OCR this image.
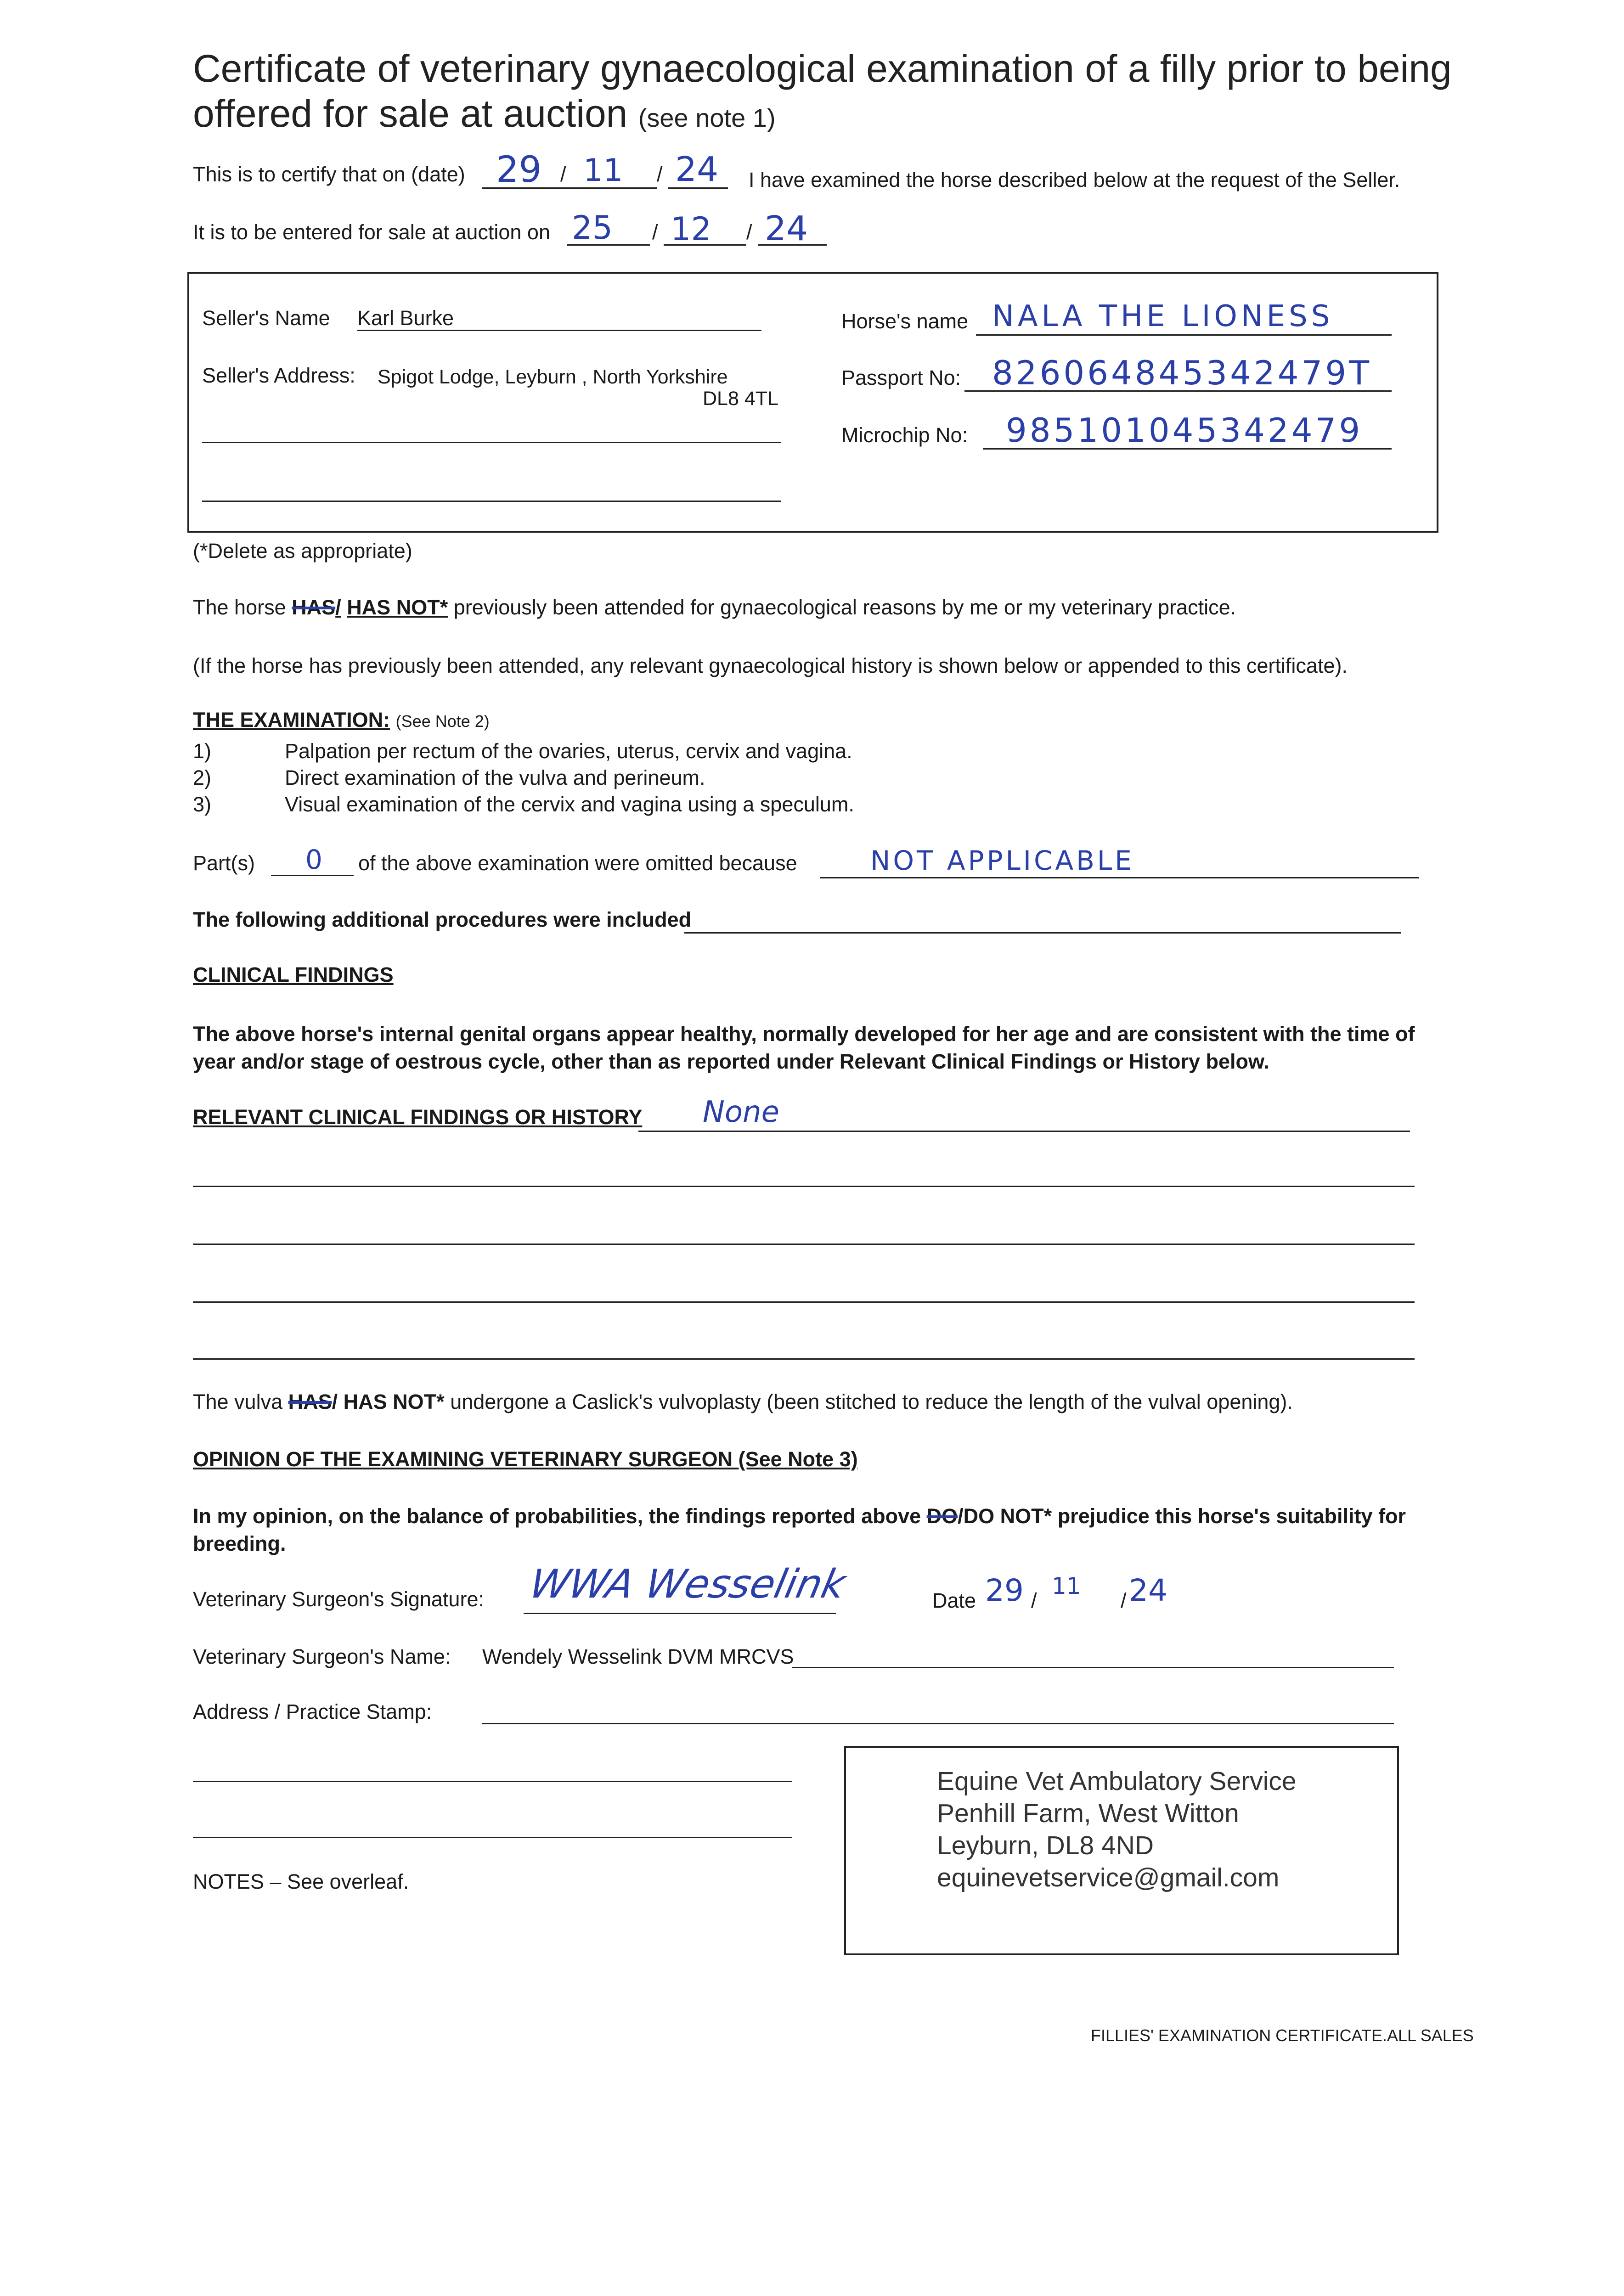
Certificate of veterinary gynaecological examination of a filly prior to being offered for sale at auction (see note 1)
This is to certify that on (date) 29 / 11 / 24 I have examined the horse described below at the request of the Seller.
It is to be entered for sale at auction on 25 / 12 / 24
Seller's Name Karl Burke
Seller's Address: Spigot Lodge, Leyburn , North Yorkshire
DL8 4TL
Horse's name NALA THE LIONESS
Passport No: 826064845342479T
Microchip No: 985101045342479
(*Delete as appropriate)
The horse HAS/ HAS NOT* previously been attended for gynaecological reasons by me or my veterinary practice.
(If the horse has previously been attended, any relevant gynaecological history is shown below or appended to this certificate).
THE EXAMINATION: (See Note 2)
1)	Palpation per rectum of the ovaries, uterus, cervix and vagina.
2)	Direct examination of the vulva and perineum.
3)	Visual examination of the cervix and vagina using a speculum.
Part(s) 0 of the above examination were omitted because	NOT APPLICABLE
The following additional procedures were included
CLINICAL FINDINGS
The above horse's internal genital organs appear healthy, normally developed for her age and are consistent with the time of year and/or stage of oestrous cycle, other than as reported under Relevant Clinical Findings or History below.
RELEVANT CLINICAL FINDINGS OR HISTORY None
The vulva HAS/ HAS NOT* undergone a Caslick's vulvoplasty (been stitched to reduce the length of the vulval opening).
OPINION OF THE EXAMINING VETERINARY SURGEON (See Note 3)
In my opinion, on the balance of probabilities, the findings reported above DO/DO NOT* prejudice this horse's suitability for breeding.
Veterinary Surgeon's Signature: WWA Wesselink	Date 29 /
11
/ 24
Veterinary Surgeon's Name: Wendely Wesselink DVM MRCVS
Address / Practice Stamp:
Equine Vet Ambulatory Service
Penhill Farm, West Witton
Leyburn, DL8 4ND
equinevetservice@gmail.com
NOTES – See overleaf.
FILLIES' EXAMINATION CERTIFICATE.ALL SALES
